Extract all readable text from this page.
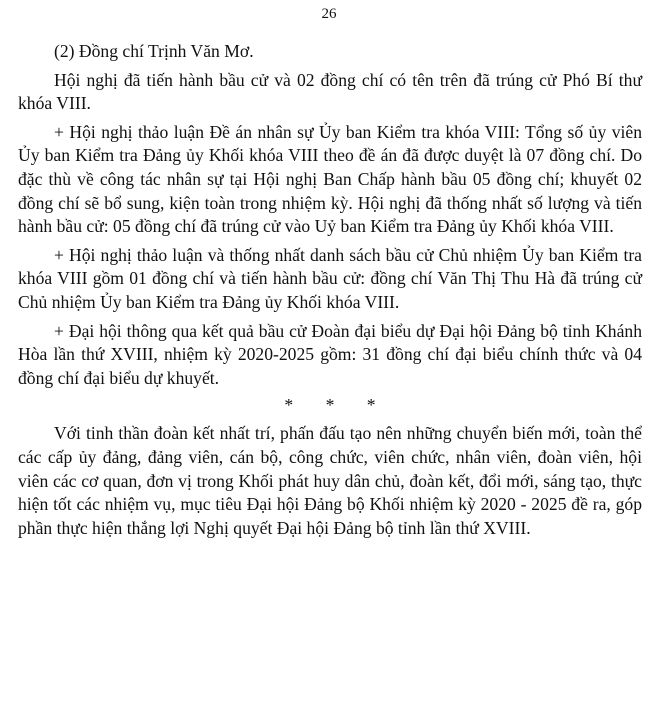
26

(2) Đồng chí Trịnh Văn Mơ.

Hội nghị đã tiến hành bầu cử và 02 đồng chí có tên trên đã trúng cử Phó Bí thư khóa VIII.

+ Hội nghị thảo luận Đề án nhân sự Ủy ban Kiểm tra khóa VIII: Tổng số ủy viên Ủy ban Kiểm tra Đảng ủy Khối khóa VIII theo đề án đã được duyệt là 07 đồng chí. Do đặc thù về công tác nhân sự tại Hội nghị Ban Chấp hành bầu 05 đồng chí; khuyết 02 đồng chí sẽ bổ sung, kiện toàn trong nhiệm kỳ. Hội nghị đã thống nhất số lượng và tiến hành bầu cử: 05 đồng chí đã trúng cử vào Uỷ ban Kiểm tra Đảng ủy Khối khóa VIII.

+ Hội nghị thảo luận và thống nhất danh sách bầu cử Chủ nhiệm Ủy ban Kiểm tra khóa VIII gồm 01 đồng chí và tiến hành bầu cử: đồng chí Văn Thị Thu Hà đã trúng cử Chủ nhiệm Ủy ban Kiểm tra Đảng ủy Khối khóa VIII.

+ Đại hội thông qua kết quả bầu cử Đoàn đại biểu dự Đại hội Đảng bộ tỉnh Khánh Hòa lần thứ XVIII, nhiệm kỳ 2020-2025 gồm: 31 đồng chí đại biểu chính thức và 04 đồng chí đại biểu dự khuyết.

* * *

Với tinh thần đoàn kết nhất trí, phấn đấu tạo nên những chuyển biến mới, toàn thể các cấp ủy đảng, đảng viên, cán bộ, công chức, viên chức, nhân viên, đoàn viên, hội viên các cơ quan, đơn vị trong Khối phát huy dân chủ, đoàn kết, đổi mới, sáng tạo, thực hiện tốt các nhiệm vụ, mục tiêu Đại hội Đảng bộ Khối nhiệm kỳ 2020 - 2025 đề ra, góp phần thực hiện thắng lợi Nghị quyết Đại hội Đảng bộ tỉnh lần thứ XVIII.
